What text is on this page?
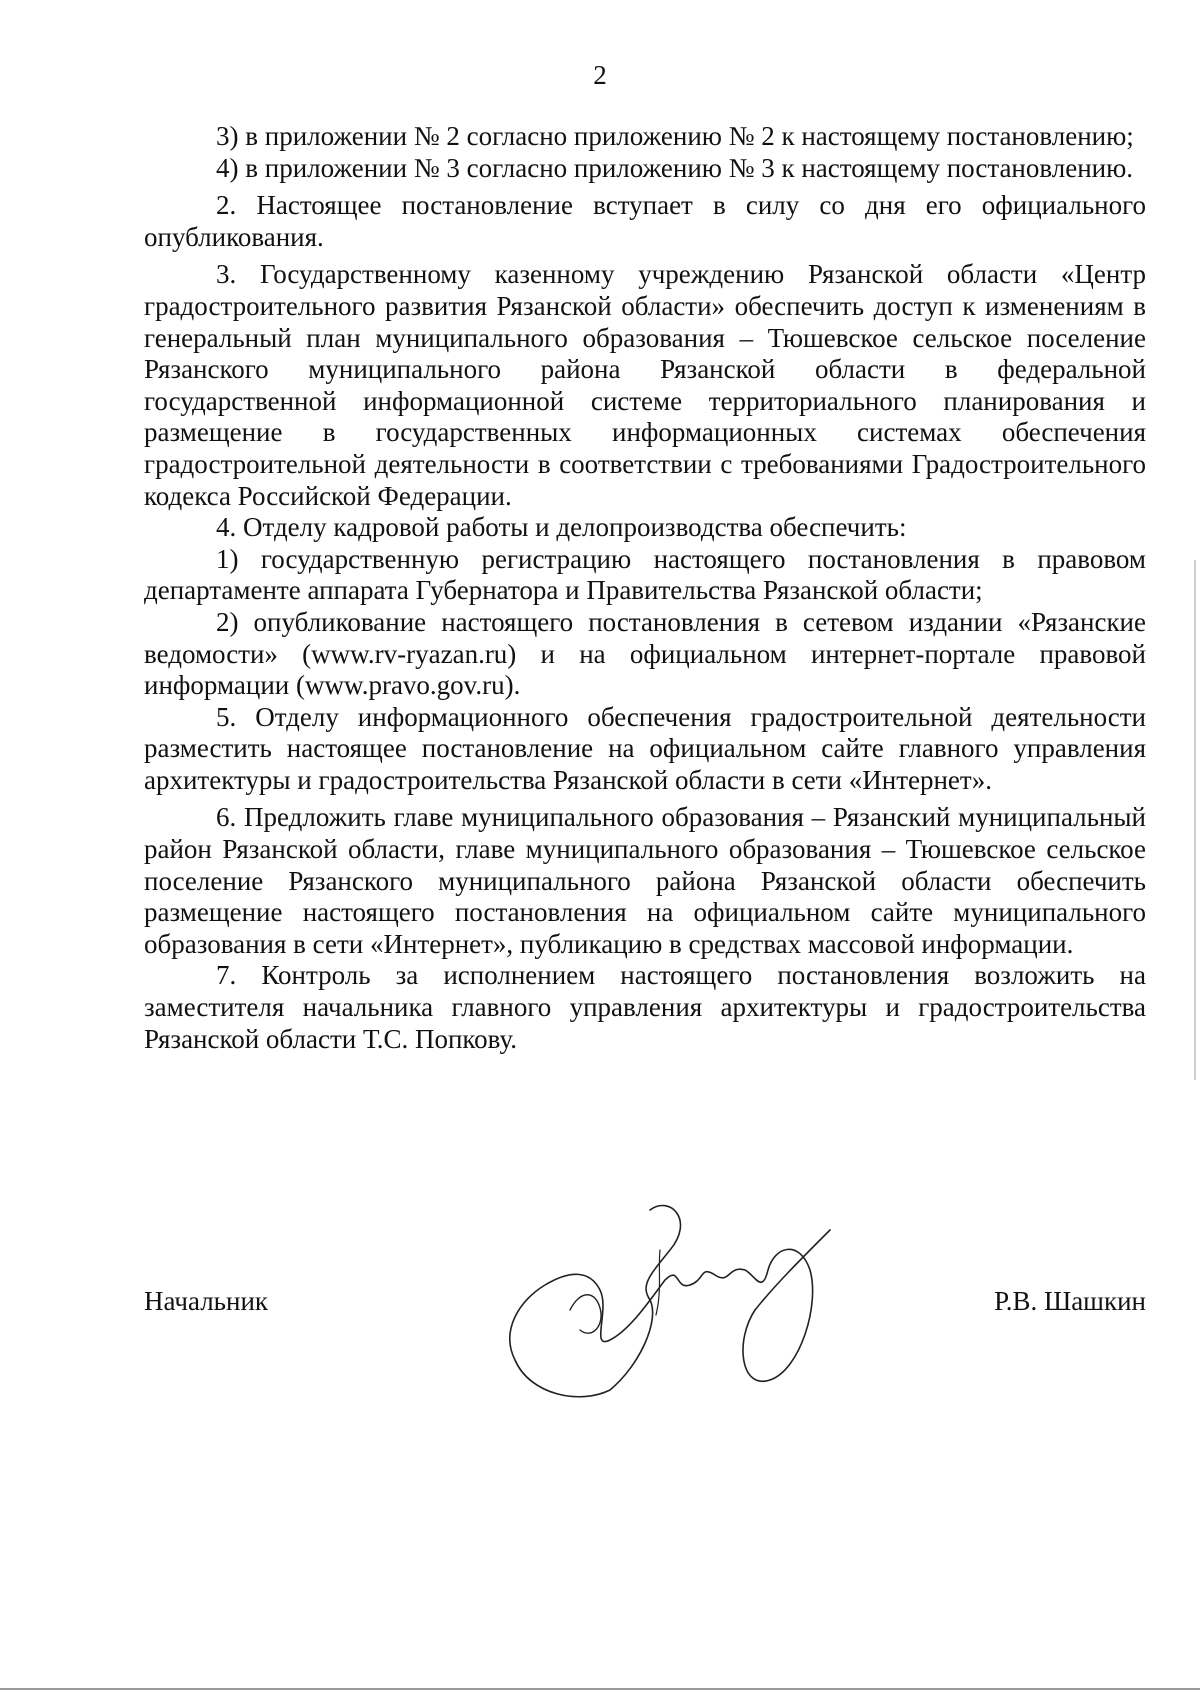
2

3) в приложении № 2 согласно приложению № 2 к настоящему постановлению;

4) в приложении № 3 согласно приложению № 3 к настоящему постановлению.

2. Настоящее постановление вступает в силу со дня его официального опубликования.

3. Государственному казенному учреждению Рязанской области «Центр градостроительного развития Рязанской области» обеспечить доступ к изменениям в генеральный план муниципального образования – Тюшевское сельское поселение Рязанского муниципального района Рязанской области в федеральной государственной информационной системе территориального планирования и размещение в государственных информационных системах обеспечения градостроительной деятельности в соответствии с требованиями Градостроительного кодекса Российской Федерации.

4. Отделу кадровой работы и делопроизводства обеспечить:

1) государственную регистрацию настоящего постановления в правовом департаменте аппарата Губернатора и Правительства Рязанской области;

2) опубликование настоящего постановления в сетевом издании «Рязанские ведомости» (www.rv-ryazan.ru) и на официальном интернет-портале правовой информации (www.pravo.gov.ru).

5. Отделу информационного обеспечения градостроительной деятельности разместить настоящее постановление на официальном сайте главного управления архитектуры и градостроительства Рязанской области в сети «Интернет».

6. Предложить главе муниципального образования – Рязанский муниципальный район Рязанской области, главе муниципального образования – Тюшевское сельское поселение Рязанского муниципального района Рязанской области обеспечить размещение настоящего постановления на официальном сайте муниципального образования в сети «Интернет», публикацию в средствах массовой информации.

7. Контроль за исполнением настоящего постановления возложить на заместителя начальника главного управления архитектуры и градостроительства Рязанской области Т.С. Попкову.

Начальник	Р.В. Шашкин
